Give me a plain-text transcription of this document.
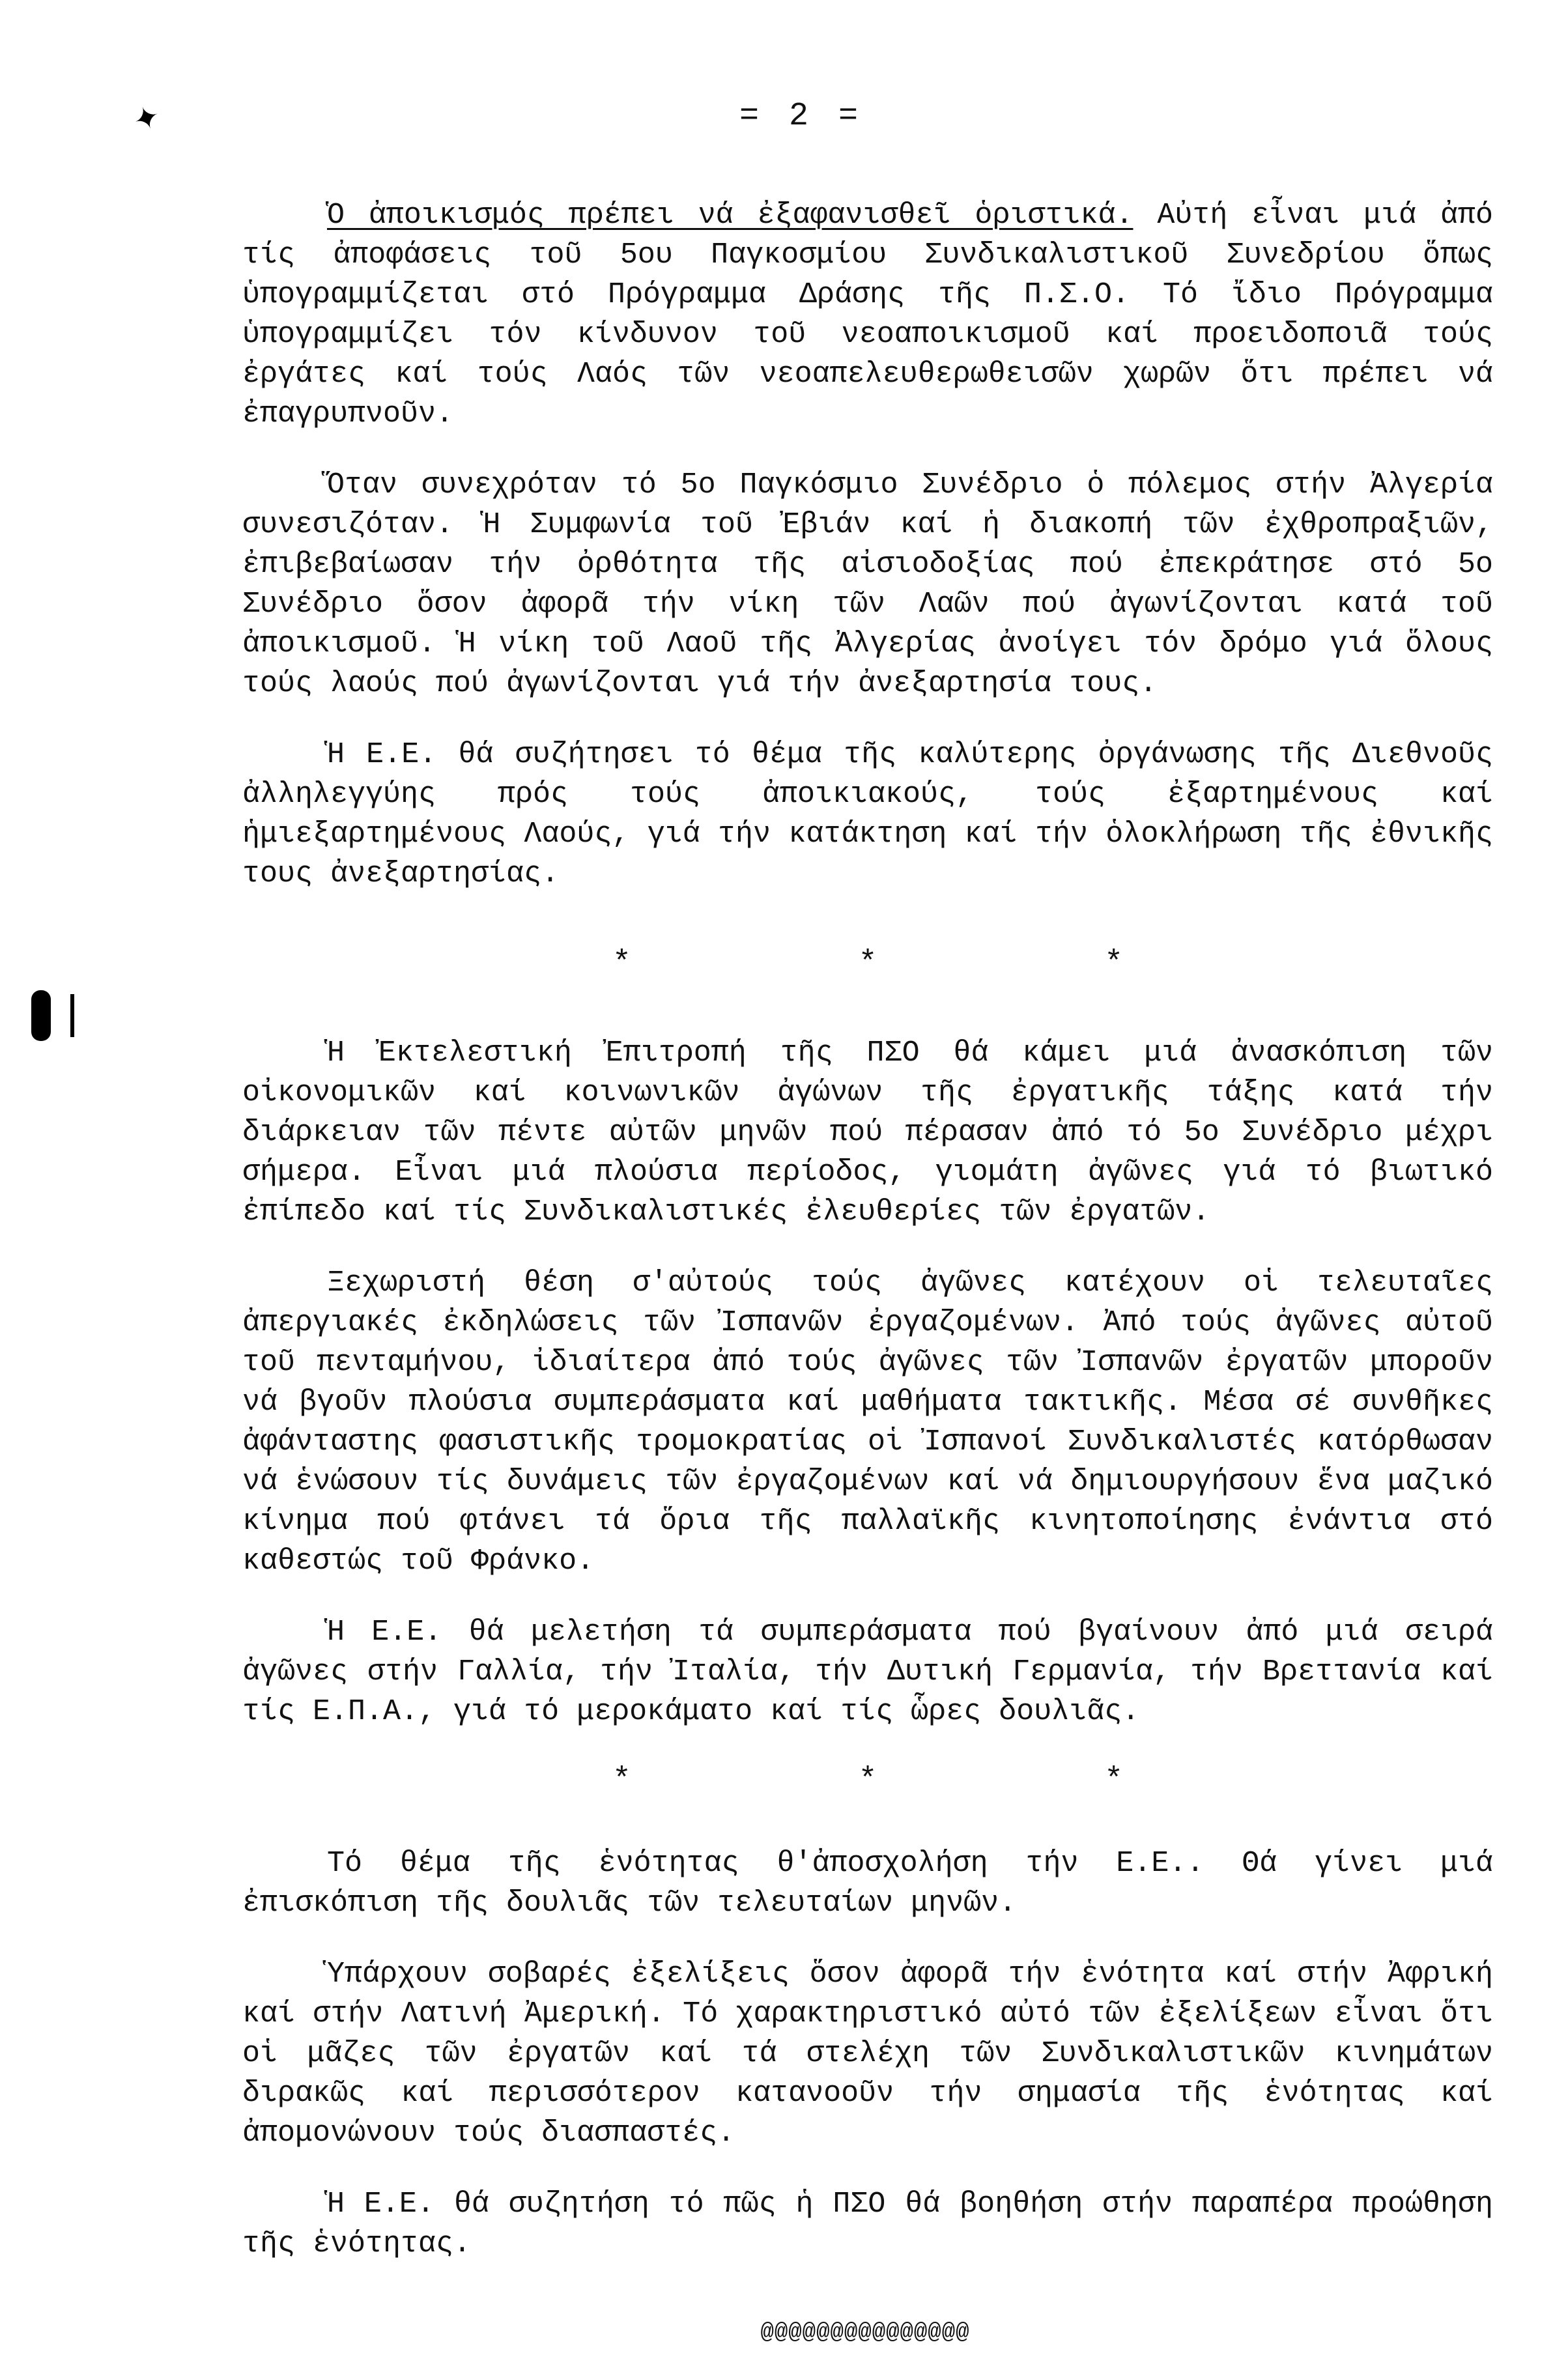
✦	= 2 =

Ὁ ἀποικισμός πρέπει νά ἐξαφανισθεῖ ὁριστικά. Αὐτή εἶναι μιά ἀπό τίς ἀποφάσεις τοῦ 5ου Παγκοσμίου Συνδικαλιστικοῦ Συνεδρίου ὅπως ὑπογραμμίζεται στό Πρόγραμμα Δράσης τῆς Π.Σ.Ο. Τό ἴδιο Πρόγραμμα ὑπογραμμίζει τόν κίνδυνον τοῦ νεοαποικισμοῦ καί προειδοποιᾶ τούς ἐργάτες καί τούς Λαός τῶν νεοαπελευθερωθεισῶν χωρῶν ὅτι πρέπει νά ἐπαγρυπνοῦν.

Ὅταν συνεχρόταν τό 5ο Παγκόσμιο Συνέδριο ὁ πόλεμος στήν Ἀλγερία συνεσιζόταν. Ἡ Συμφωνία τοῦ Ἐβιάν καί ἡ διακοπή τῶν ἐχθροπραξιῶν, ἐπιβεβαίωσαν τήν ὀρθότητα τῆς αἰσιοδοξίας πού ἐπεκράτησε στό 5ο Συνέδριο ὅσον ἀφορᾶ τήν νίκη τῶν Λαῶν πού ἀγωνίζονται κατά τοῦ ἀποικισμοῦ. Ἡ νίκη τοῦ Λαοῦ τῆς Ἀλγερίας ἀνοίγει τόν δρόμο γιά ὅλους τούς λαούς πού ἀγωνίζονται γιά τήν ἀνεξαρτησία τους.

Ἡ Ε.Ε. θά συζήτησει τό θέμα τῆς καλύτερης ὀργάνωσης τῆς Διεθνοῦς ἀλληλεγγύης πρός τούς ἀποικιακούς, τούς ἐξαρτημένους καί ἡμιεξαρτημένους Λαούς, γιά τήν κατάκτηση καί τήν ὁλοκλήρωση τῆς ἐθνικῆς τους ἀνεξαρτησίας.

* * *

Ἡ Ἐκτελεστική Ἐπιτροπή τῆς ΠΣΟ θά κάμει μιά ἀνασκόπιση τῶν οἰκονομικῶν καί κοινωνικῶν ἀγώνων τῆς ἐργατικῆς τάξης κατά τήν διάρκειαν τῶν πέντε αὐτῶν μηνῶν πού πέρασαν ἀπό τό 5ο Συνέδριο μέχρι σήμερα. Εἶναι μιά πλούσια περίοδος, γιομάτη ἀγῶνες γιά τό βιωτικό ἐπίπεδο καί τίς Συνδικαλιστικές ἐλευθερίες τῶν ἐργατῶν.

Ξεχωριστή θέση σ'αὐτούς τούς ἀγῶνες κατέχουν οἱ τελευταῖες ἀπεργιακές ἐκδηλώσεις τῶν Ἰσπανῶν ἐργαζομένων. Ἀπό τούς ἀγῶνες αὐτοῦ τοῦ πενταμήνου, ἰδιαίτερα ἀπό τούς ἀγῶνες τῶν Ἰσπανῶν ἐργατῶν μποροῦν νά βγοῦν πλούσια συμπεράσματα καί μαθήματα τακτικῆς. Μέσα σέ συνθῆκες ἀφάνταστης φασιστικῆς τρομοκρατίας οἱ Ἰσπανοί Συνδικαλιστές κατόρθωσαν νά ἑνώσουν τίς δυνάμεις τῶν ἐργαζομένων καί νά δημιουργήσουν ἕνα μαζικό κίνημα πού φτάνει τά ὅρια τῆς παλλαϊκῆς κινητοποίησης ἐνάντια στό καθεστώς τοῦ Φράνκο.

Ἡ Ε.Ε. θά μελετήση τά συμπεράσματα πού βγαίνουν ἀπό μιά σειρά ἀγῶνες στήν Γαλλία, τήν Ἰταλία, τήν Δυτική Γερμανία, τήν Βρεττανία καί τίς Ε.Π.Α., γιά τό μεροκάματο καί τίς ὧρες δουλιᾶς.

* * *

Τό θέμα τῆς ἑνότητας θ'ἀποσχολήση τήν Ε.Ε.. Θά γίνει μιά ἐπισκόπιση τῆς δουλιᾶς τῶν τελευταίων μηνῶν.

Ὑπάρχουν σοβαρές ἐξελίξεις ὅσον ἀφορᾶ τήν ἑνότητα καί στήν Ἀφρική καί στήν Λατινή Ἀμερική. Τό χαρακτηριστικό αὐτό τῶν ἐξελίξεων εἶναι ὅτι οἱ μᾶζες τῶν ἐργατῶν καί τά στελέχη τῶν Συνδικαλιστικῶν κινημάτων διρακῶς καί περισσότερον κατανοοῦν τήν σημασία τῆς ἑνότητας καί ἀπομονώνουν τούς διασπαστές.

Ἡ Ε.Ε. θά συζητήση τό πῶς ἡ ΠΣΟ θά βοηθήση στήν παραπέρα προώθηση τῆς ἑνότητας.

@@@@@@@@@@@@@@@
